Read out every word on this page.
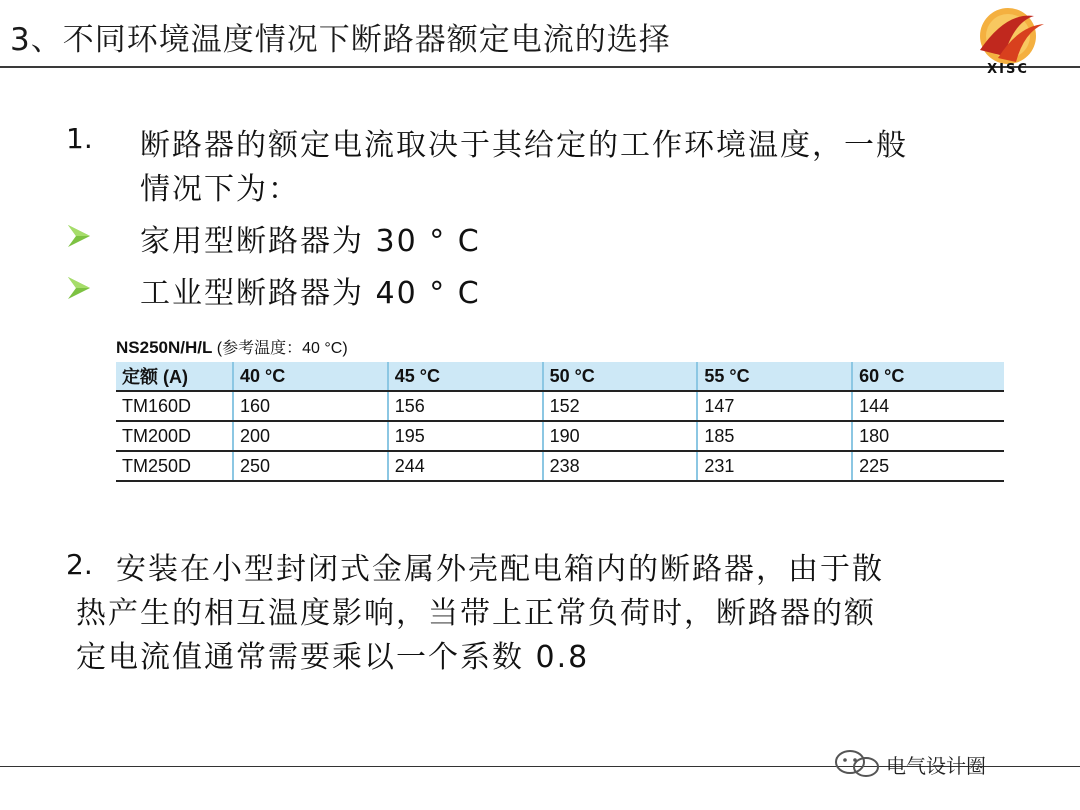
3、不同环境温度情况下断路器额定电流的选择
XISC
1. 断路器的额定电流取决于其给定的工作环境温度，一般
情况下为：
家用型断路器为 30 ° C
工业型断路器为 40 ° C
NS250N/H/L (参考温度：40 °C)
定额 (A)	40 °C	45 °C	50 °C	55 °C	60 °C
TM160D	160	156	152	147	144
TM200D	200	195	190	185	180
TM250D	250	244	238	231	225
2. 安装在小型封闭式金属外壳配电箱内的断路器，由于散
热产生的相互温度影响，当带上正常负荷时，断路器的额
定电流值通常需要乘以一个系数 0.8
电气设计圈
